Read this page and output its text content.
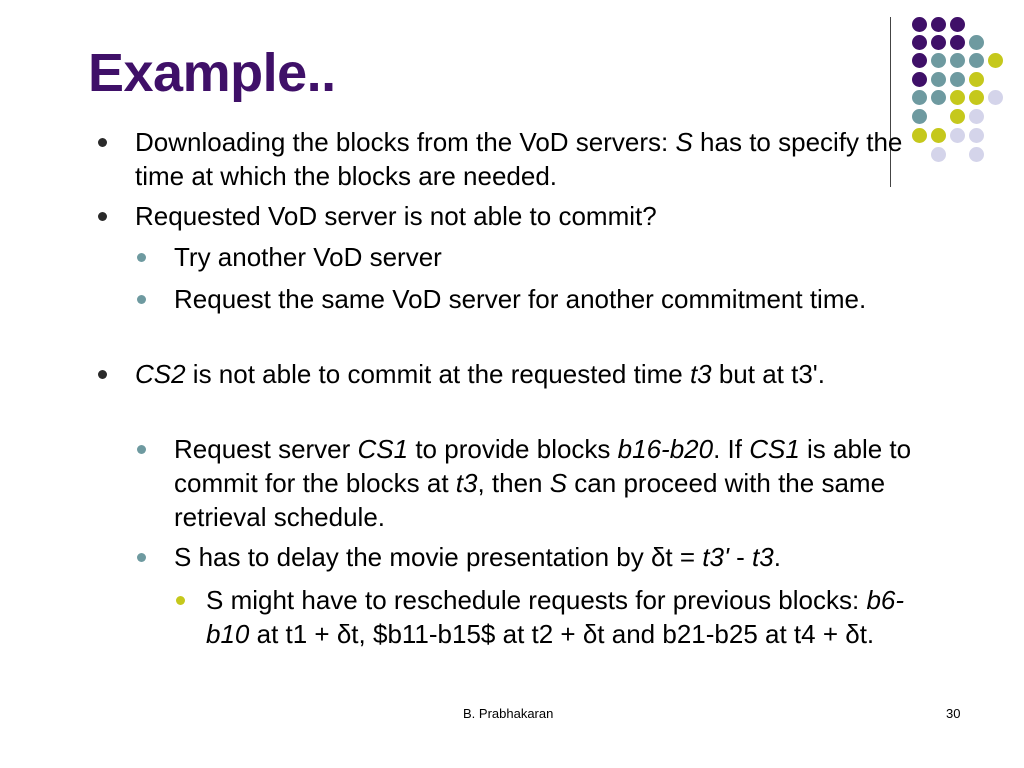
Example..
Downloading the blocks from the VoD servers: S has to specify the time at which the blocks are needed.
Requested VoD server is not able to commit?
Try another VoD server
Request the same VoD server for another commitment time.
CS2 is not able to commit at the requested time t3 but at t3'.
Request server CS1 to provide blocks b16-b20. If CS1 is able to commit for the blocks at t3, then S can proceed with the same retrieval schedule.
S has to delay the movie presentation by δt = t3' - t3.
S might have to reschedule requests for previous blocks: b6-b10 at t1 + δt, $b11-b15$ at t2 + δt and b21-b25 at t4 + δt.
B. Prabhakaran	30
